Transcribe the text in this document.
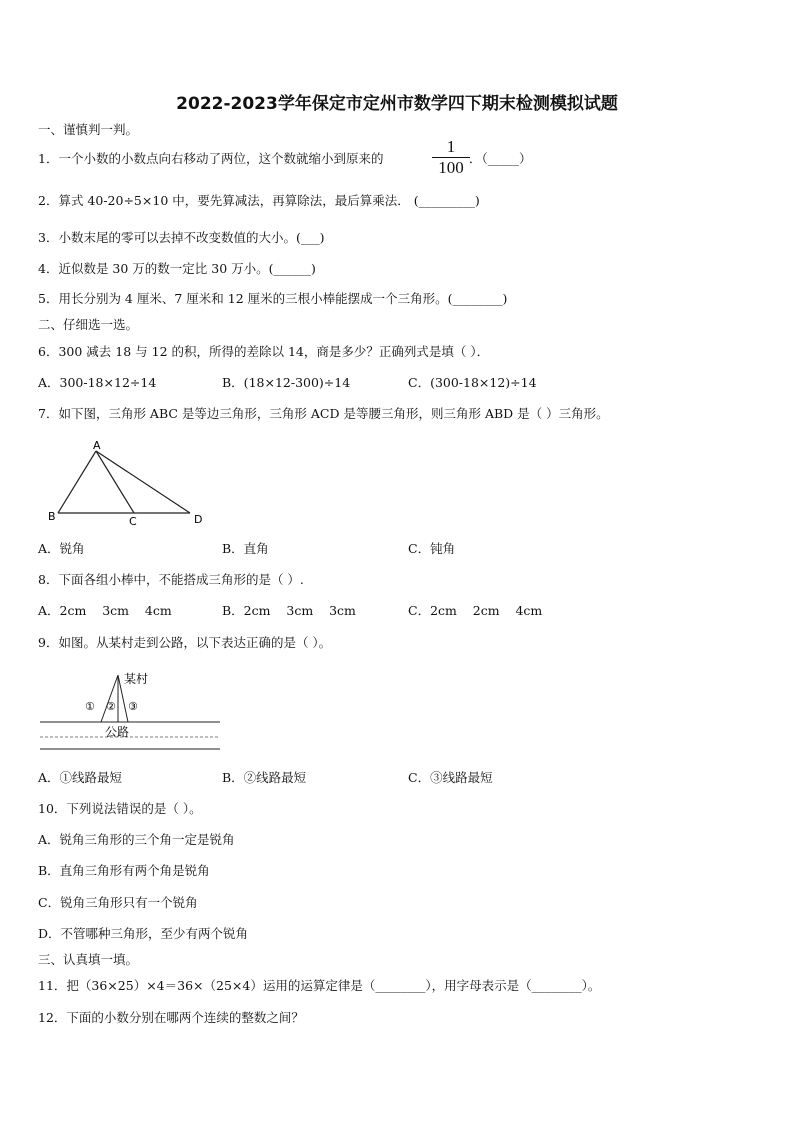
2022-2023学年保定市定州市数学四下期末检测模拟试题
一、谨慎判一判。
1．一个小数的小数点向右移动了两位，这个数就缩小到原来的
1
100 ．（_____）
2．算式 40-20÷5×10 中，要先算减法，再算除法，最后算乘法． (_________)
3．小数末尾的零可以去掉不改变数值的大小。(___)
4．近似数是 30 万的数一定比 30 万小。(______)
5．用长分别为 4 厘米、7 厘米和 12 厘米的三根小棒能摆成一个三角形。(________)
二、仔细选一选。
6．300 减去 18 与 12 的积，所得的差除以 14，商是多少？正确列式是填（ ）．
A．300-18×12÷14	B．(18×12-300)÷14	C．(300-18×12)÷14
7．如下图，三角形 ABC 是等边三角形，三角形 ACD 是等腰三角形，则三角形 ABD 是（ ）三角形。
A
B	C	D
A．锐角	B．直角	C．钝角
8．下面各组小棒中，不能搭成三角形的是（ ）.
A．2cm    3cm    4cm	B．2cm    3cm    3cm	C．2cm    2cm    4cm
9．如图。从某村走到公路，以下表达正确的是（ ）。
某村
公路
① ② ③
A．①线路最短	B．②线路最短	C．③线路最短
10．下列说法错误的是（ ）。
A．锐角三角形的三个角一定是锐角
B．直角三角形有两个角是锐角
C．锐角三角形只有一个锐角
D．不管哪种三角形，至少有两个锐角
三、认真填一填。
11．把（36×25）×4＝36×（25×4）运用的运算定律是（________），用字母表示是（________）。
12．下面的小数分别在哪两个连续的整数之间？
